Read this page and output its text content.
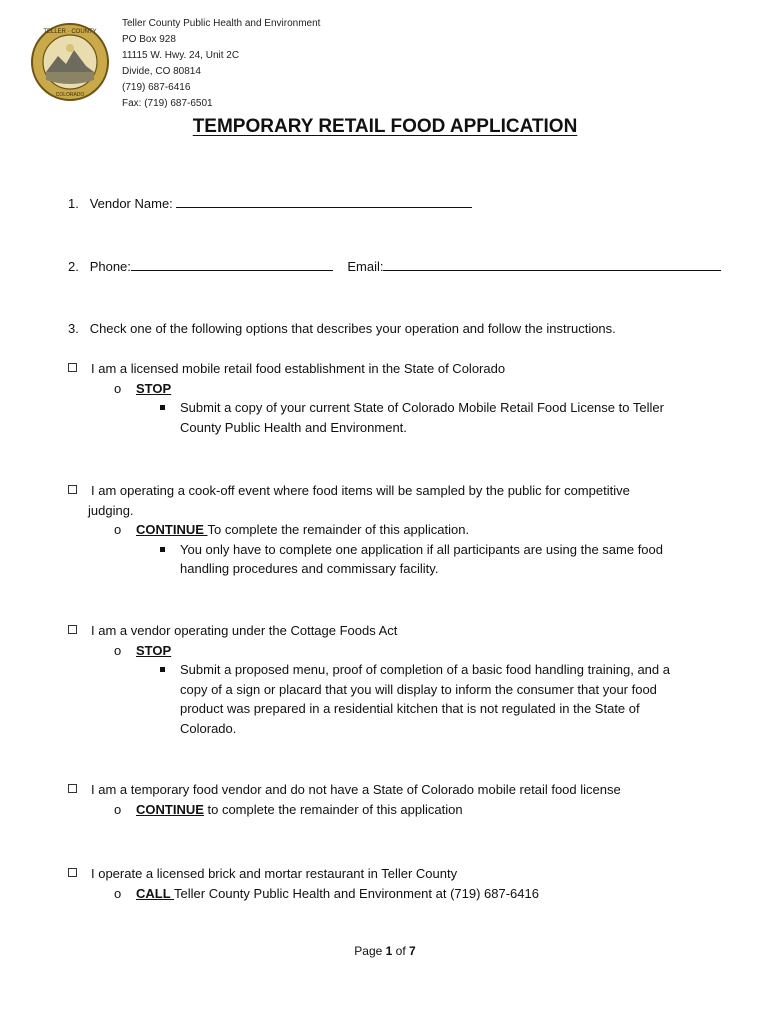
TELLER · COUNTY
COLORADO
Teller County Public Health and Environment
PO Box 928
11115 W. Hwy. 24, Unit 2C
Divide, CO 80814
(719) 687-6416
Fax: (719) 687-6501
TEMPORARY RETAIL FOOD APPLICATION
1. Vendor Name:
2. Phone:	Email:
3. Check one of the following options that describes your operation and follow the instructions.
I am a licensed mobile retail food establishment in the State of Colorado
o STOP
Submit a copy of your current State of Colorado Mobile Retail Food License to Teller
County Public Health and Environment.
I am operating a cook-off event where food items will be sampled by the public for competitive
judging.
o CONTINUE To complete the remainder of this application.
You only have to complete one application if all participants are using the same food
handling procedures and commissary facility.
I am a vendor operating under the Cottage Foods Act
o STOP
Submit a proposed menu, proof of completion of a basic food handling training, and a
copy of a sign or placard that you will display to inform the consumer that your food
product was prepared in a residential kitchen that is not regulated in the State of
Colorado.
I am a temporary food vendor and do not have a State of Colorado mobile retail food license
o CONTINUE to complete the remainder of this application
I operate a licensed brick and mortar restaurant in Teller County
o CALL Teller County Public Health and Environment at (719) 687-6416
Page 1 of 7
